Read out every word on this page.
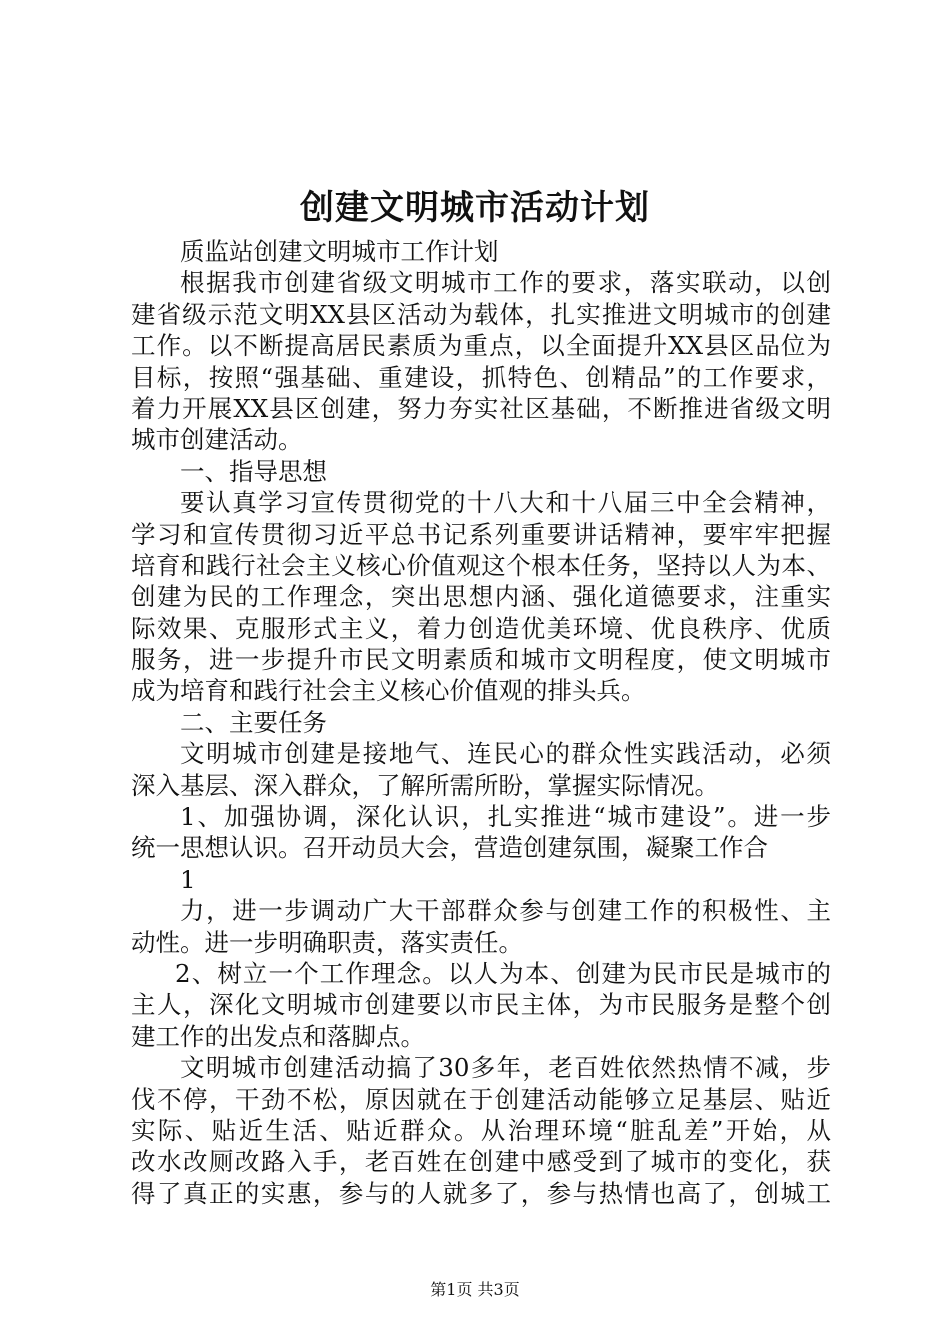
创建文明城市活动计划
质监站创建文明城市工作计划
根据我市创建省级文明城市工作的要求，落实联动，以创
建省级示范文明XX县区活动为载体，扎实推进文明城市的创建
工作。以不断提高居民素质为重点，以全面提升XX县区品位为
目标，按照“强基础、重建设，抓特色、创精品”的工作要求，
着力开展XX县区创建，努力夯实社区基础，不断推进省级文明
城市创建活动。
一、指导思想
要认真学习宣传贯彻党的十八大和十八届三中全会精神，
学习和宣传贯彻习近平总书记系列重要讲话精神，要牢牢把握
培育和践行社会主义核心价值观这个根本任务，坚持以人为本、
创建为民的工作理念，突出思想内涵、强化道德要求，注重实
际效果、克服形式主义，着力创造优美环境、优良秩序、优质
服务，进一步提升市民文明素质和城市文明程度，使文明城市
成为培育和践行社会主义核心价值观的排头兵。
二、主要任务
文明城市创建是接地气、连民心的群众性实践活动，必须
深入基层、深入群众，了解所需所盼，掌握实际情况。
1、加强协调，深化认识，扎实推进“城市建设”。进一步
统一思想认识。召开动员大会，营造创建氛围，凝聚工作合
1
力，进一步调动广大干部群众参与创建工作的积极性、主
动性。进一步明确职责，落实责任。
2、树立一个工作理念。以人为本、创建为民市民是城市的
主人，深化文明城市创建要以市民主体，为市民服务是整个创
建工作的出发点和落脚点。
文明城市创建活动搞了30多年，老百姓依然热情不减，步
伐不停，干劲不松，原因就在于创建活动能够立足基层、贴近
实际、贴近生活、贴近群众。从治理环境“脏乱差”开始，从
改水改厕改路入手，老百姓在创建中感受到了城市的变化，获
得了真正的实惠，参与的人就多了，参与热情也高了，创城工
第1页 共3页
